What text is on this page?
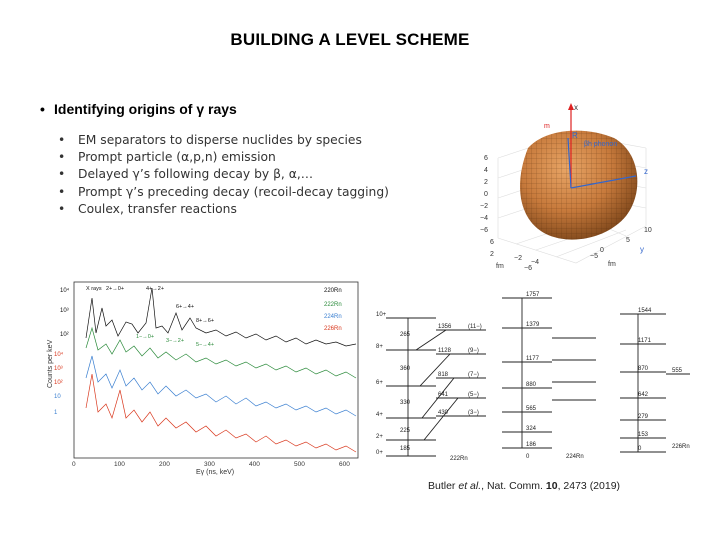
BUILDING A LEVEL SCHEME
• Identifying origins of γ rays
• EM separators to disperse nuclides by species
• Prompt particle (α,p,n) emission
• Delayed γ’s following decay by β, α,…
• Prompt γ’s preceding decay (recoil-decay tagging)
• Coulex, transfer reactions
x
R
βh phonon
z
y
m
6
4
2
0
−2
−4
−6
6
2
−2
−4
−6
−5
0
5
10
fm	fm
Counts per keV
Eγ (ns, keV)
0	100	200	300	400	500	600
10⁴
10³
10²
10⁴
10³
10²
10
1
X rays 2+→0+	4+→2+
6+→4+
8+→6+
1−→0+
3−→2+
5−→4+
220Rn
222Rn
224Rn
226Rn
10+
8+
6+
4+
2+
0+
265
360
330
225
185
1356
1128
818
641
430
(11−)
(9−)
(7−)
(5−)
(3−)
222Rn
1757
1379
1177
880
565
324
186
0	224Rn
1544
1171
870
642
555
279
153
0	226Rn
Butler et al., Nat. Comm. 10, 2473 (2019)
